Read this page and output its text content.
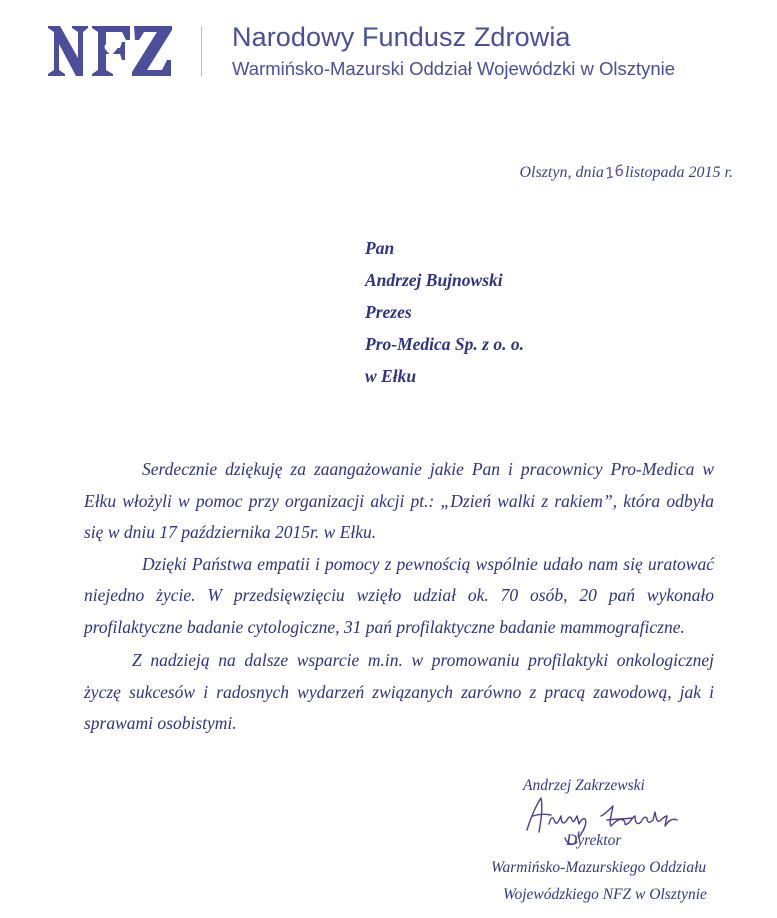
Narodowy Fundusz Zdrowia
Warmińsko-Mazurski Oddział Wojewódzki w Olsztynie
Olsztyn, dnia16listopada 2015 r.
Pan
Andrzej Bujnowski
Prezes
Pro-Medica Sp. z o. o.
w Ełku

Serdecznie dziękuję za zaangażowanie jakie Pan i pracownicy Pro-Medica w Ełku włożyli w pomoc przy organizacji akcji pt.: „Dzień walki z rakiem”, która odbyła się w dniu 17 października 2015r. w Ełku.

Dzięki Państwa empatii i pomocy z pewnością wspólnie udało nam się uratować niejedno życie. W przedsięwzięciu wzięło udział ok. 70 osób, 20 pań wykonało profilaktyczne badanie cytologiczne, 31 pań profilaktyczne badanie mammograficzne.

Z nadzieją na dalsze wsparcie m.in. w promowaniu profilaktyki onkologicznej życzę sukcesów i radosnych wydarzeń związanych zarówno z pracą zawodową, jak i sprawami osobistymi.

Andrzej Zakrzewski
Dyrektor
Warmińsko-Mazurskiego Oddziału
Wojewódzkiego NFZ w Olsztynie
